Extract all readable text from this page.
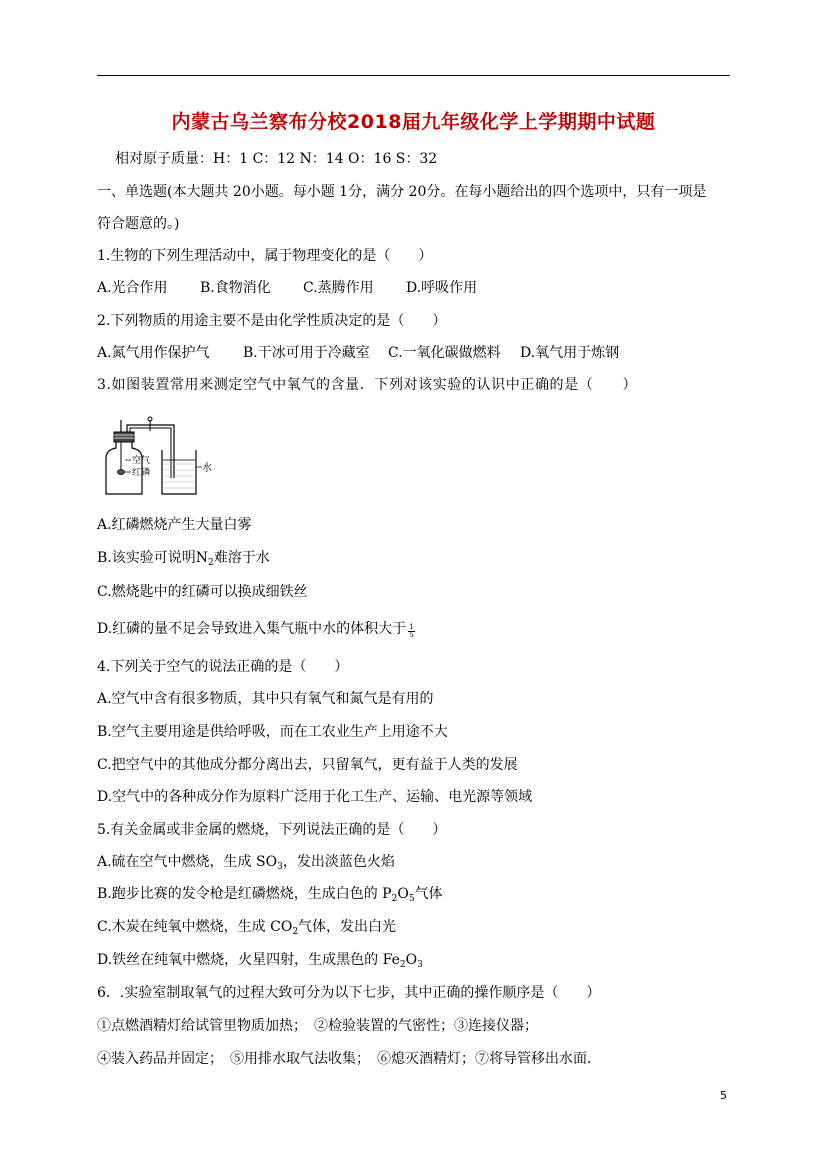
内蒙古乌兰察布分校2018届九年级化学上学期期中试题
相对原子质量：H：1 C：12 N：14 O：16 S：32
一、单选题(本大题共 20小题。每小题 1分，满分 20分。在每小题给出的四个选项中，只有一项是
符合题意的。)
1.生物的下列生理活动中，属于物理变化的是（　　）
A.光合作用 B.食物消化 C.蒸腾作用 D.呼吸作用
2.下列物质的用途主要不是由化学性质决定的是（　　）
A.氮气用作保护气 B.干冰可用于冷藏室 C.一氧化碳做燃料 D.氧气用于炼钢
3.如图装置常用来测定空气中氧气的含量．下列对该实验的认识中正确的是（　　）
空气
红磷	水
A.红磷燃烧产生大量白雾
B.该实验可说明$N_2$难溶于水
C.燃烧匙中的红磷可以换成细铁丝
D.红磷的量不足会导致进入集气瓶中水的体积大于 $\frac{1}{5}$
4.下列关于空气的说法正确的是（　　）
A.空气中含有很多物质，其中只有氧气和氮气是有用的
B.空气主要用途是供给呼吸，而在工农业生产上用途不大
C.把空气中的其他成分都分离出去，只留氧气，更有益于人类的发展
D.空气中的各种成分作为原料广泛用于化工生产、运输、电光源等领域
5.有关金属或非金属的燃烧，下列说法正确的是（　　）
A.硫在空气中燃烧，生成 $SO_3$，发出淡蓝色火焰
B.跑步比赛的发令枪是红磷燃烧，生成白色的 $P_2O_5$气体
C.木炭在纯氧中燃烧，生成 $CO_2$气体，发出白光
D.铁丝在纯氧中燃烧，火星四射，生成黑色的 $Fe_2O_3$
6．.实验室制取氧气的过程大致可分为以下七步，其中正确的操作顺序是（　　）
①点燃酒精灯给试管里物质加热；　②检验装置的气密性；③连接仪器；
④装入药品并固定；　⑤用排水取气法收集；　⑥熄灭酒精灯；⑦将导管移出水面．
5
